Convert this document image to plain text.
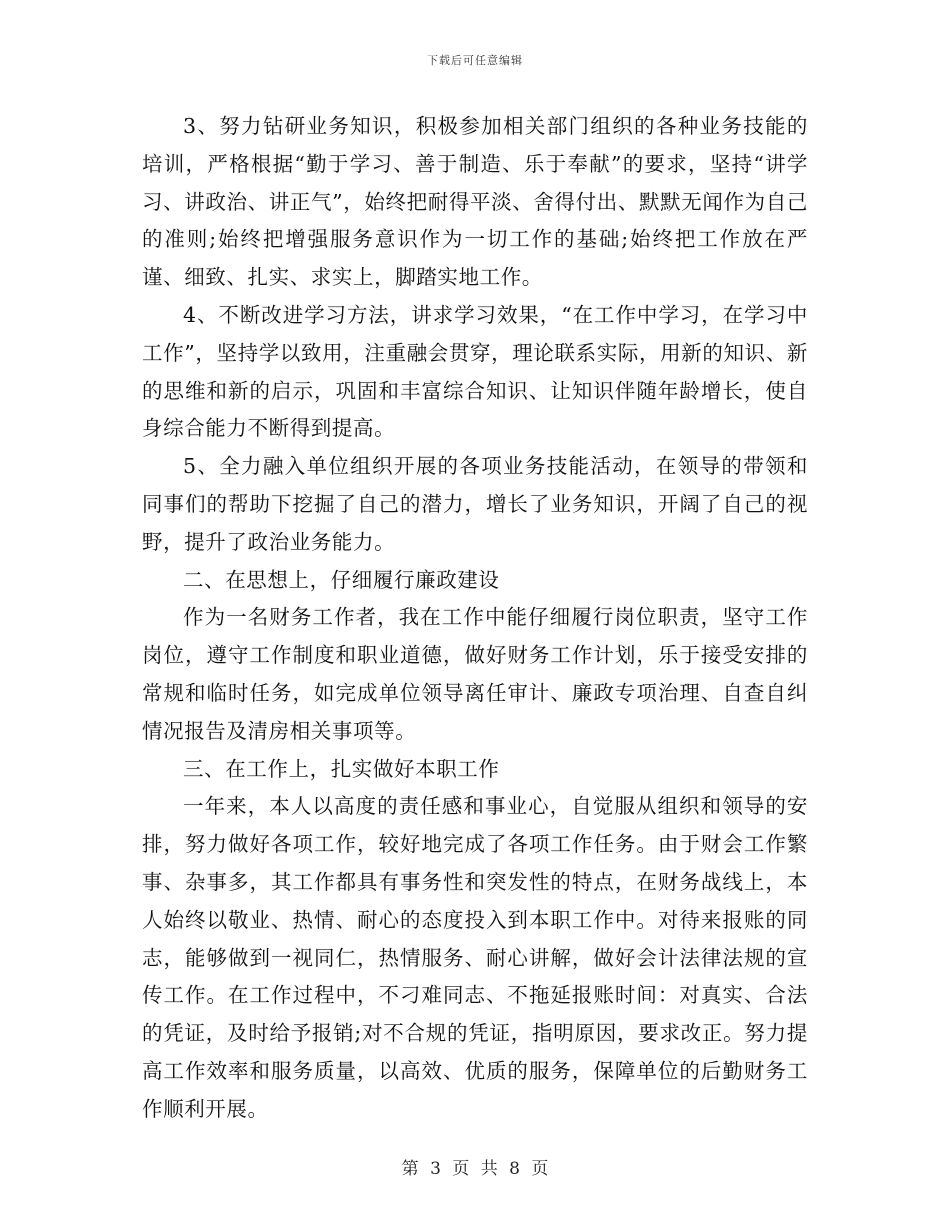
下载后可任意编辑

3、努力钻研业务知识，积极参加相关部门组织的各种业务技能的培训，严格根据“勤于学习、善于制造、乐于奉献”的要求，坚持“讲学习、讲政治、讲正气”，始终把耐得平淡、舍得付出、默默无闻作为自己的准则;始终把增强服务意识作为一切工作的基础;始终把工作放在严谨、细致、扎实、求实上，脚踏实地工作。

4、不断改进学习方法，讲求学习效果，“在工作中学习，在学习中工作”，坚持学以致用，注重融会贯穿，理论联系实际，用新的知识、新的思维和新的启示，巩固和丰富综合知识、让知识伴随年龄增长，使自身综合能力不断得到提高。

5、全力融入单位组织开展的各项业务技能活动，在领导的带领和同事们的帮助下挖掘了自己的潜力，增长了业务知识，开阔了自己的视野，提升了政治业务能力。

二、在思想上，仔细履行廉政建设

作为一名财务工作者，我在工作中能仔细履行岗位职责，坚守工作岗位，遵守工作制度和职业道德，做好财务工作计划，乐于接受安排的常规和临时任务，如完成单位领导离任审计、廉政专项治理、自查自纠情况报告及清房相关事项等。

三、在工作上，扎实做好本职工作

一年来，本人以高度的责任感和事业心，自觉服从组织和领导的安排，努力做好各项工作，较好地完成了各项工作任务。由于财会工作繁事、杂事多，其工作都具有事务性和突发性的特点，在财务战线上，本人始终以敬业、热情、耐心的态度投入到本职工作中。对待来报账的同志，能够做到一视同仁，热情服务、耐心讲解，做好会计法律法规的宣传工作。在工作过程中，不刁难同志、不拖延报账时间：对真实、合法的凭证，及时给予报销;对不合规的凭证，指明原因，要求改正。努力提高工作效率和服务质量，以高效、优质的服务，保障单位的后勤财务工作顺利开展。

第 3 页 共 8 页
